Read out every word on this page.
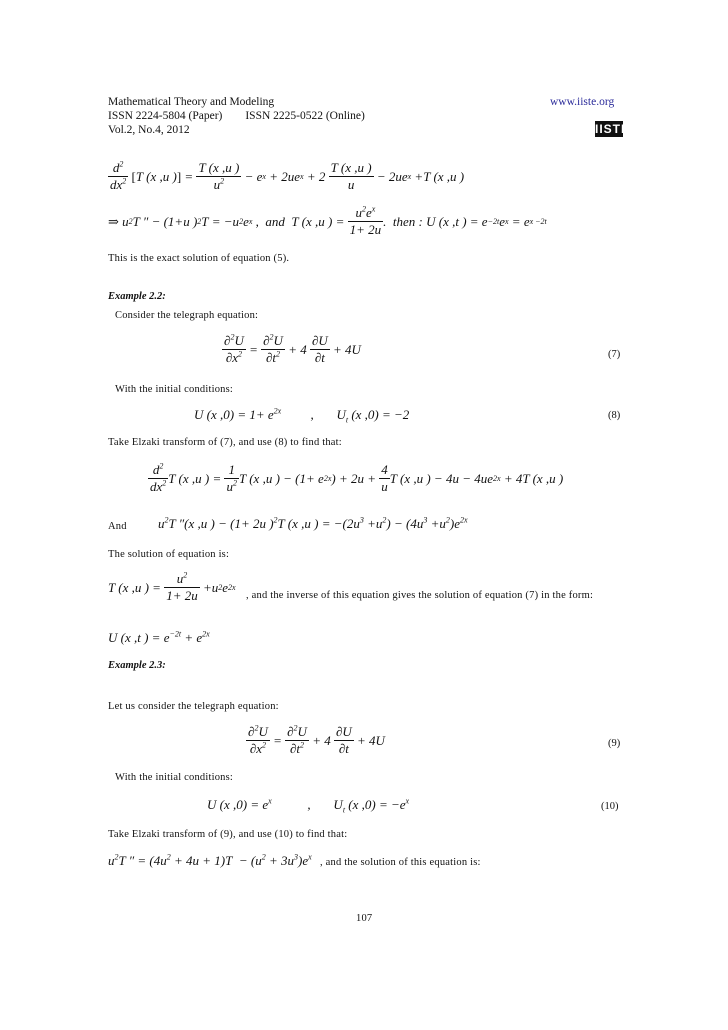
Mathematical Theory and Modeling
ISSN 2224-5804 (Paper)        ISSN 2225-0522 (Online)
Vol.2, No.4, 2012
www.iiste.org
IISTE
$\frac{d^2}{dx^2}$ [ T (x ,u ) ] = $\frac{T (x ,u )}{u^2} - e$ x + 2ue $x + 2 \frac{T (x ,u )}{u} - 2ue$ x +T (x ,u )
⇒ u 2 T ″ − (1+u ) 2 T = −u 2 e x ,  and  T (x ,u ) = $\frac{u^2e^x}{1+ 2u}$ .  then : U (x ,t ) = e −2t e x = e x −2t
This is the exact solution of equation (5).
Example 2.2:
Consider the telegraph equation:
$\frac{\partial^2U}{\partial x^2} = \frac{\partial^2U}{\partial t^2} + 4 \frac{\partial U}{\partial t} + 4U$	(7)
With the initial conditions:
U (x $,0) = 1+ e^{2x}$         ,       $U_t$ (x ,0) = −2	(8)
Take Elzaki transform of (7), and use (8) to find that:
$\frac{d^2}{dx^2}$ T (x ,u ) = $\frac{1}{u^2}$ T (x ,u ) − (1+ e 2x ) + $2u + \frac{4}{u}$ T (x ,u ) − 4u − 4ue 2x + 4T (x ,u )
And $u^2T$ ″(x ,u ) − (1+ 2u )$^2$T (x ,u ) = $-(2u^3 +u^2) - (4u^3 +u^2)e^{2x}$
The solution of equation is:
T (x ,u ) = $\frac{u^2}{1+ 2u} +u$ 2 e 2x
, and the inverse of this equation gives the solution of equation (7) in the form:
U (x ,t ) = $e^{-2t} + e^{2x}$
Example 2.3:
Let us consider the telegraph equation:
$\frac{\partial^2U}{\partial x^2} = \frac{\partial^2U}{\partial t^2} + 4 \frac{\partial U}{\partial t} + 4U$	(9)
With the initial conditions:
U (x $,0) = e^x$           ,       $U_t$ (x $,0) = -e^x$	(10)
Take Elzaki transform of (9), and use (10) to find that:
$u^2T$ ″ = $(4u^2 + 4u + 1)T - (u^2 + 3u^3)e^x$ , and the solution of this equation is:
107
